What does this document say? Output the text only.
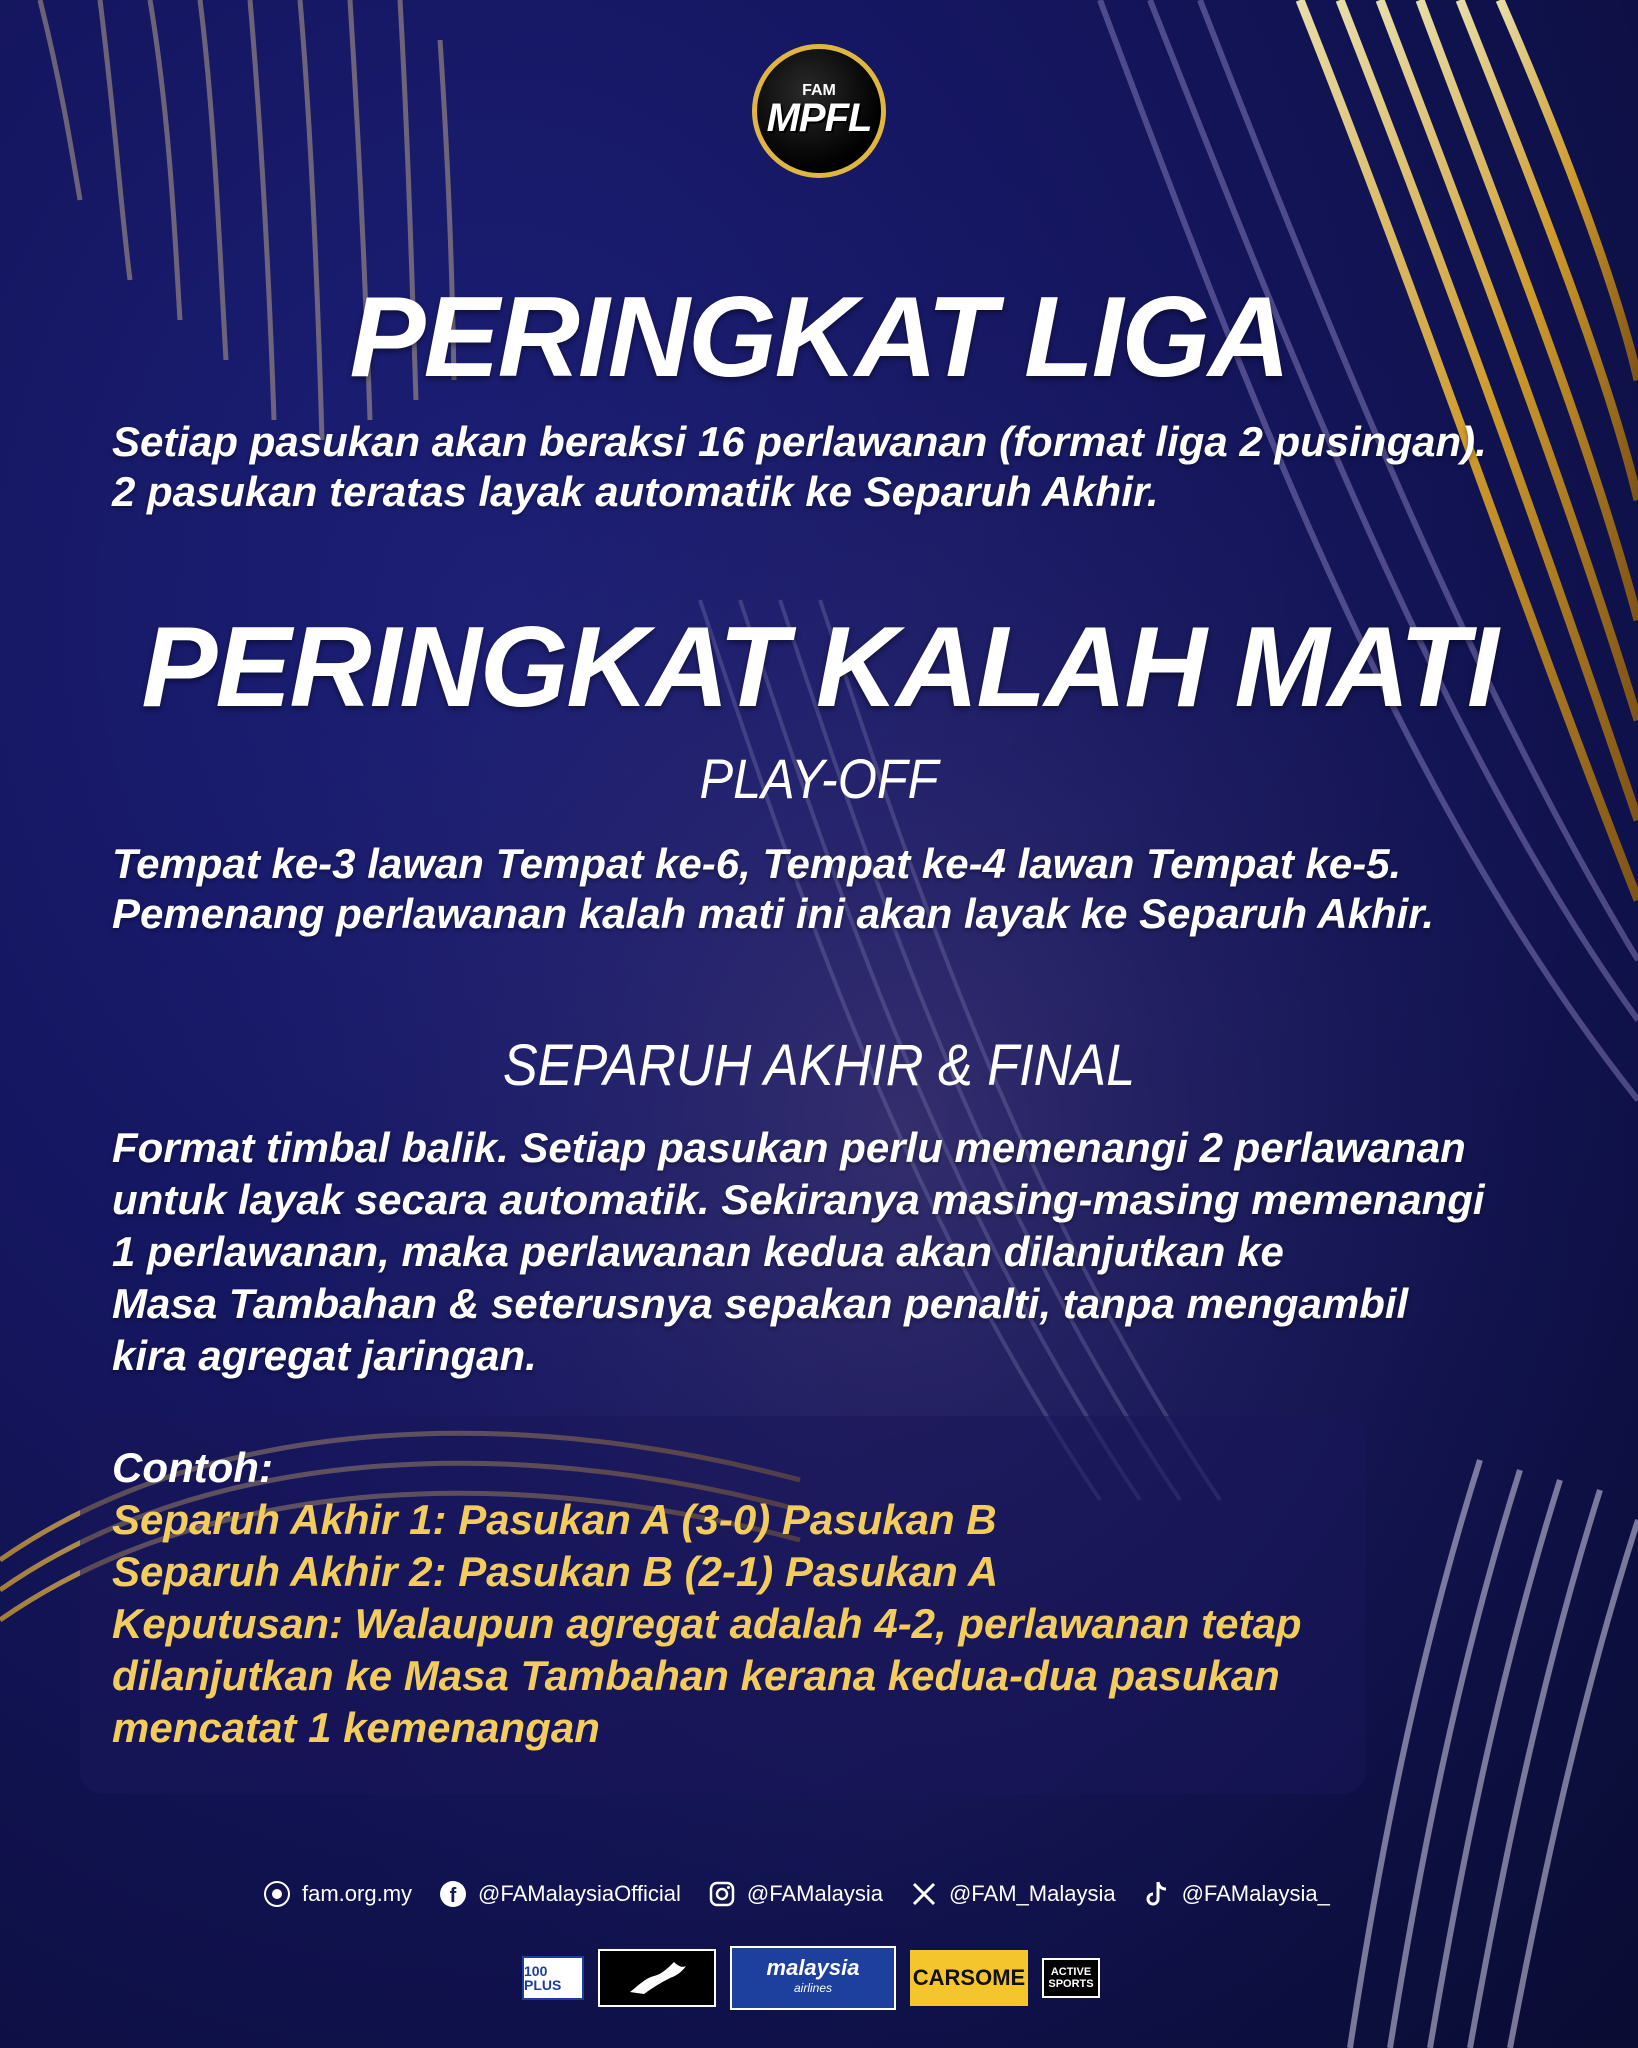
FAM
MPFL
PERINGKAT LIGA
Setiap pasukan akan beraksi 16 perlawanan (format liga 2 pusingan).
2 pasukan teratas layak automatik ke Separuh Akhir.
PERINGKAT KALAH MATI
PLAY-OFF
Tempat ke-3 lawan Tempat ke-6, Tempat ke-4 lawan Tempat ke-5.
Pemenang perlawanan kalah mati ini akan layak ke Separuh Akhir.
SEPARUH AKHIR & FINAL
Format timbal balik. Setiap pasukan perlu memenangi 2 perlawanan
untuk layak secara automatik. Sekiranya masing-masing memenangi
1 perlawanan, maka perlawanan kedua akan dilanjutkan ke
Masa Tambahan & seterusnya sepakan penalti, tanpa mengambil
kira agregat jaringan.
Contoh:
Separuh Akhir 1: Pasukan A (3-0) Pasukan B
Separuh Akhir 2: Pasukan B (2-1) Pasukan A
Keputusan: Walaupun agregat adalah 4-2, perlawanan tetap
dilanjutkan ke Masa Tambahan kerana kedua-dua pasukan
mencatat 1 kemenangan
fam.org.my f @FAMalaysiaOfficial	@FAMalaysia	@FAM_Malaysia	@FAMalaysia_
100 PLUS
malaysia
airlines	CARSOME ACTIVE
SPORTS
